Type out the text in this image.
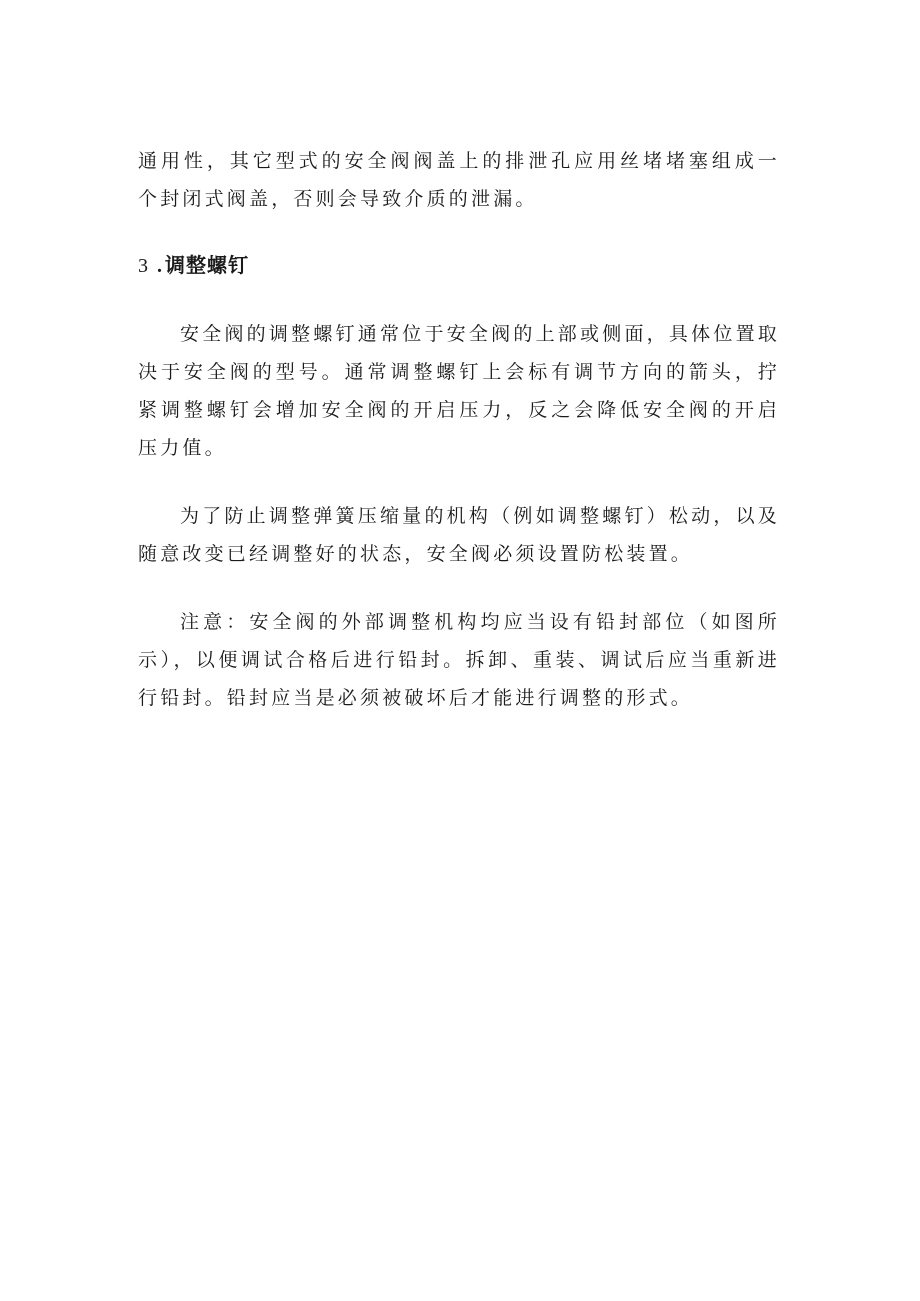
通用性，其它型式的安全阀阀盖上的排泄孔应用丝堵堵塞组成一个封闭式阀盖，否则会导致介质的泄漏。

3 . 调整螺钉

安全阀的调整螺钉通常位于安全阀的上部或侧面，具体位置取决于安全阀的型号。通常调整螺钉上会标有调节方向的箭头，拧紧调整螺钉会增加安全阀的开启压力，反之会降低安全阀的开启压力值。

为了防止调整弹簧压缩量的机构（例如调整螺钉）松动，以及随意改变已经调整好的状态，安全阀必须设置防松装置。

注意：安全阀的外部调整机构均应当设有铅封部位（如图所示），以便调试合格后进行铅封。拆卸、重装、调试后应当重新进行铅封。铅封应当是必须被破坏后才能进行调整的形式。
